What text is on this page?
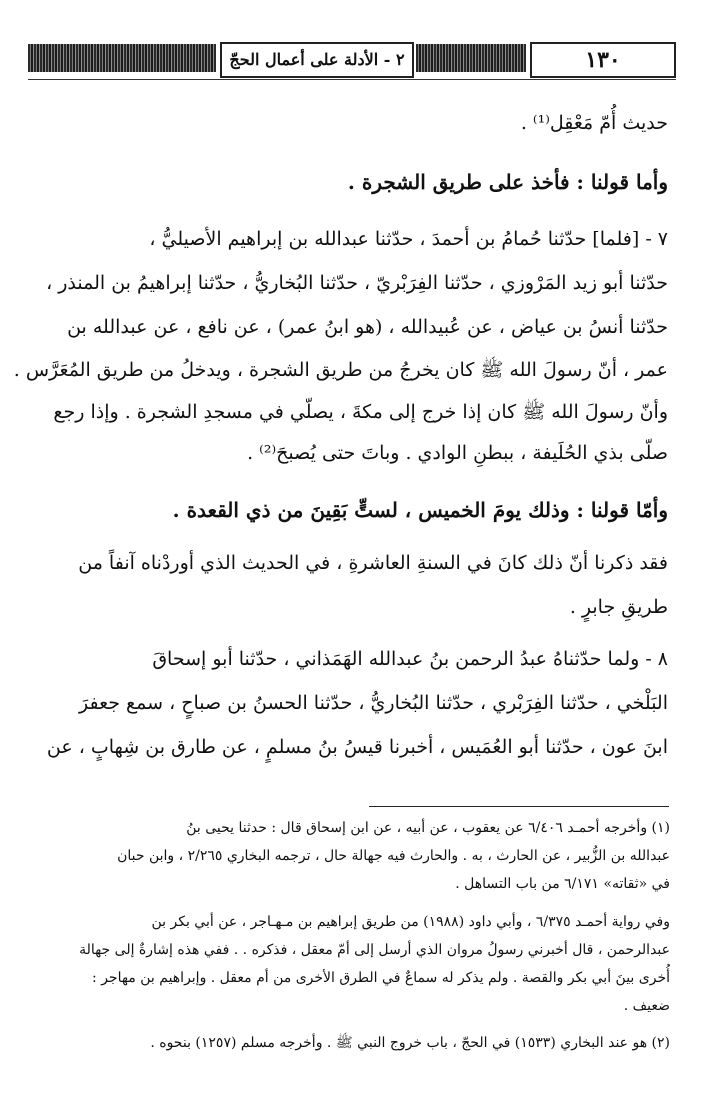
٢ - الأدلة على أعمال الحجّ	١٣٠
حديث أُمّ مَعْقِل⁽¹⁾ .
وأما قولنا : فأخذ على طريق الشجرة .
٧ - [فلما] حدّثنا حُمامُ بن أحمدَ ، حدّثنا عبدالله بن إبراهيم الأصيليُّ ،
حدّثنا أبو زيد المَرْوزي ، حدّثنا الفِرَبْريّ ، حدّثنا البُخاريُّ ، حدّثنا إبراهيمُ بن المنذر ،
حدّثنا أنسُ بن عياض ، عن عُبيدالله ، (هو ابنُ عمر) ، عن نافع ، عن عبدالله بن
عمر ، أنّ رسولَ الله ﷺ كان يخرجُ من طريق الشجرة ، ويدخلُ من طريق المُعَرَّس .
وأنّ رسولَ الله ﷺ كان إذا خرج إلى مكةَ ، يصلّي في مسجدِ الشجرة . وإذا رجع
صلّى بذي الحُلَيفة ، ببطنِ الوادي . وباتَ حتى يُصبحَ⁽²⁾ .
وأمّا قولنا : وذلك يومَ الخميس ، لستٍّ بَقِينَ من ذي القعدة .
فقد ذكرنا أنّ ذلك كانَ في السنةِ العاشرةِ ، في الحديث الذي أوردْناه آنفاً من
طريقِ جابرٍ .
٨ - ولما حدّثناهُ عبدُ الرحمن بنُ عبدالله الهَمَذاني ، حدّثنا أبو إسحاقَ
البَلْخي ، حدّثنا الفِرَبْري ، حدّثنا البُخاريُّ ، حدّثنا الحسنُ بن صباحٍ ، سمع جعفرَ
ابنَ عون ، حدّثنا أبو العُمَيس ، أخبرنا قيسُ بنُ مسلمٍ ، عن طارق بن شِهابٍ ، عن
(١) وأخرجه أحمـد ٦/٤٠٦ عن يعقوب ، عن أبيه ، عن ابن إسحاق قال : حدثنا يحيى بنُ
عبدالله بن الزُّبير ، عن الحارث ، به . والحارث فيه جهالة حال ، ترجمه البخاري ٢/٢٦٥ ، وابن حبان
في «ثقاته» ٦/١٧١ من باب التساهل .
وفي رواية أحمـد ٦/٣٧٥ ، وأبي داود (١٩٨٨) من طريق إبراهيم بن مـهـاجر ، عن أبي بكر بن
عبدالرحمن ، قال أخبرني رسولُ مروان الذي أرسل إلى أمّ معقل ، فذكره . . ففي هذه إشارةٌ إلى جهالة
أُخرى بينَ أبي بكر والقصة . ولم يذكر له سماعٌ في الطرق الأخرى من أم معقل . وإبراهيم بن مهاجر :
ضعيف .
(٢) هو عند البخاري (١٥٣٣) في الحجّ ، باب خروج النبي ﷺ . وأخرجه مسلم (١٢٥٧) بنحوه .
